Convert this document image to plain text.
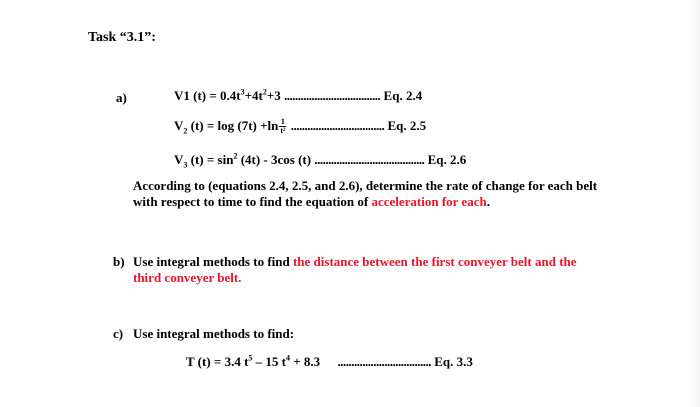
Task “3.1”:
a)	V1 $(t) = 0.4t^3+4t^2+3$ ................................... Eq. 2.4
$V_2$ $(t) = \log (7t) +\ln \frac{1}{\text{t²}}$ .................................. Eq. 2.5
$V_3$ $(t) = \sin^2 (4t) - 3\cos$ (t) ........................................ Eq. 2.6
According to (equations 2.4, 2.5, and 2.6), determine the rate of change for each belt
with respect to time to find the equation of acceleration for each.
b) Use integral methods to find the distance between the first conveyer belt and the
third conveyer belt.
c) Use integral methods to find:
T (t) = 3.4 $t^5 - 15$ $t^4 + 8.3$ .................................. Eq. 3.3
